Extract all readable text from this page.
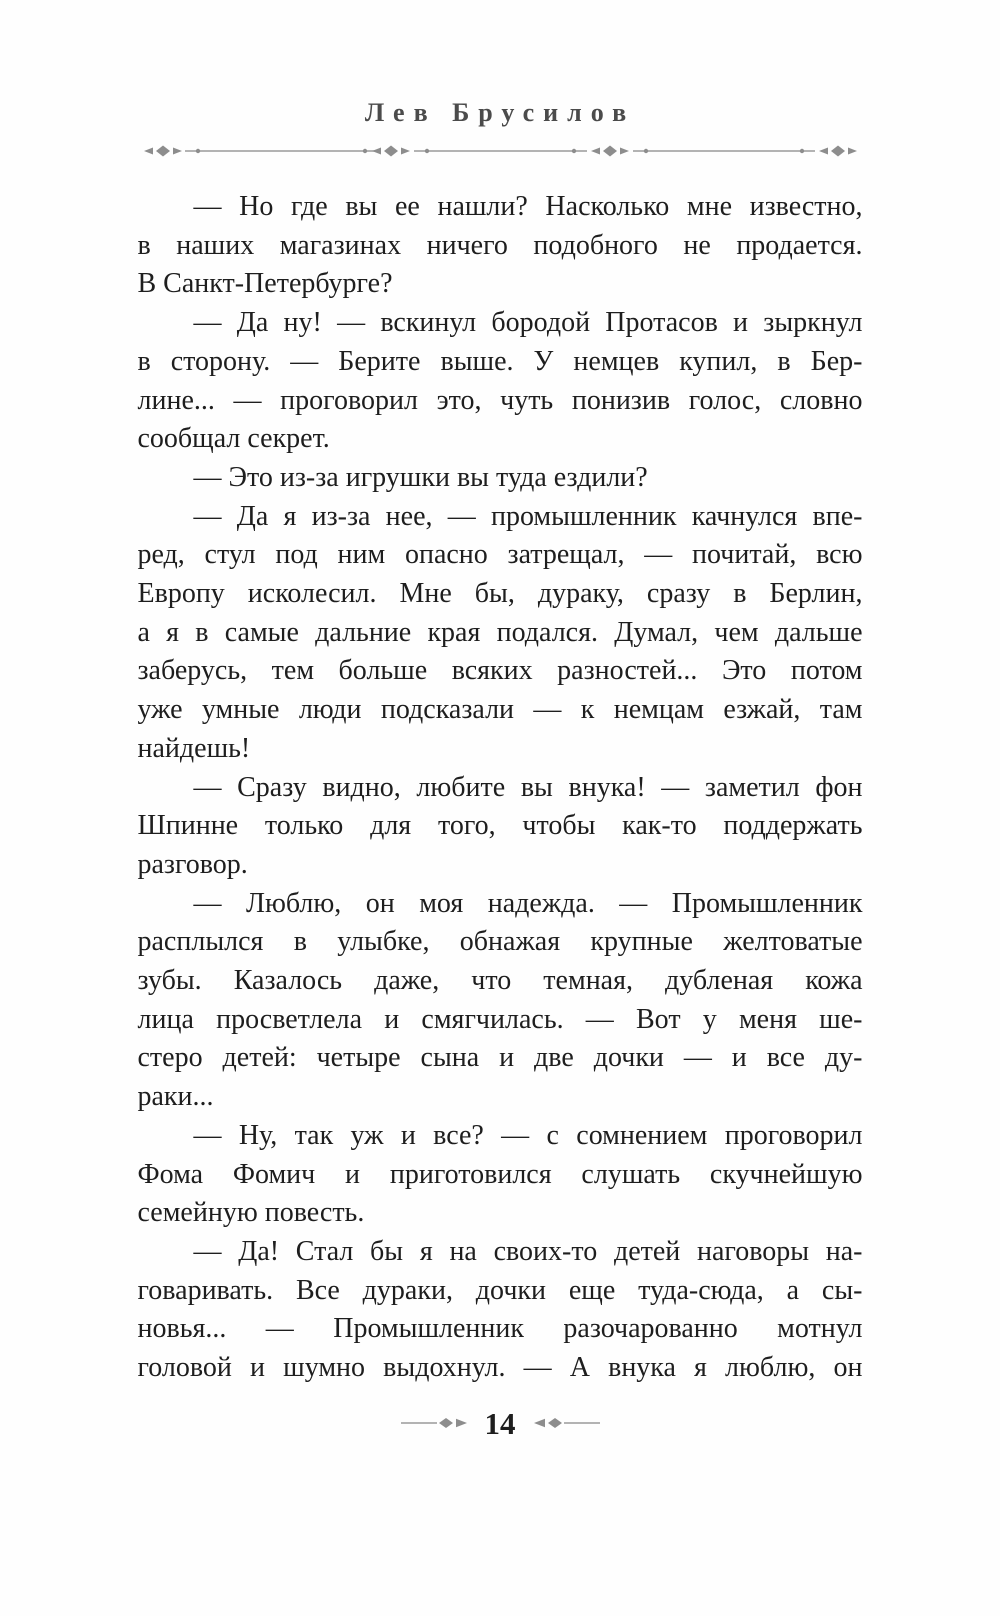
Лев Брусилов
— Но где вы ее нашли? Насколько мне известно,
в наших магазинах ничего подобного не продается.
В Санкт-Петербурге?
— Да ну! — вскинул бородой Протасов и зыркнул
в сторону. — Берите выше. У немцев купил, в Бер-
лине... — проговорил это, чуть понизив голос, словно
сообщал секрет.
— Это из-за игрушки вы туда ездили?
— Да я из-за нее, — промышленник качнулся впе-
ред, стул под ним опасно затрещал, — почитай, всю
Европу исколесил. Мне бы, дураку, сразу в Берлин,
а я в самые дальние края подался. Думал, чем дальше
заберусь, тем больше всяких разностей... Это потом
уже умные люди подсказали — к немцам езжай, там
найдешь!
— Сразу видно, любите вы внука! — заметил фон
Шпинне только для того, чтобы как-то поддержать
разговор.
— Люблю, он моя надежда. — Промышленник
расплылся в улыбке, обнажая крупные желтоватые
зубы. Казалось даже, что темная, дубленая кожа
лица просветлела и смягчилась. — Вот у меня ше-
стеро детей: четыре сына и две дочки — и все ду-
раки...
— Ну, так уж и все? — с сомнением проговорил
Фома Фомич и приготовился слушать скучнейшую
семейную повесть.
— Да! Стал бы я на своих-то детей наговоры на-
говаривать. Все дураки, дочки еще туда-сюда, а сы-
новья... — Промышленник разочарованно мотнул
головой и шумно выдохнул. — А внука я люблю, он
14
